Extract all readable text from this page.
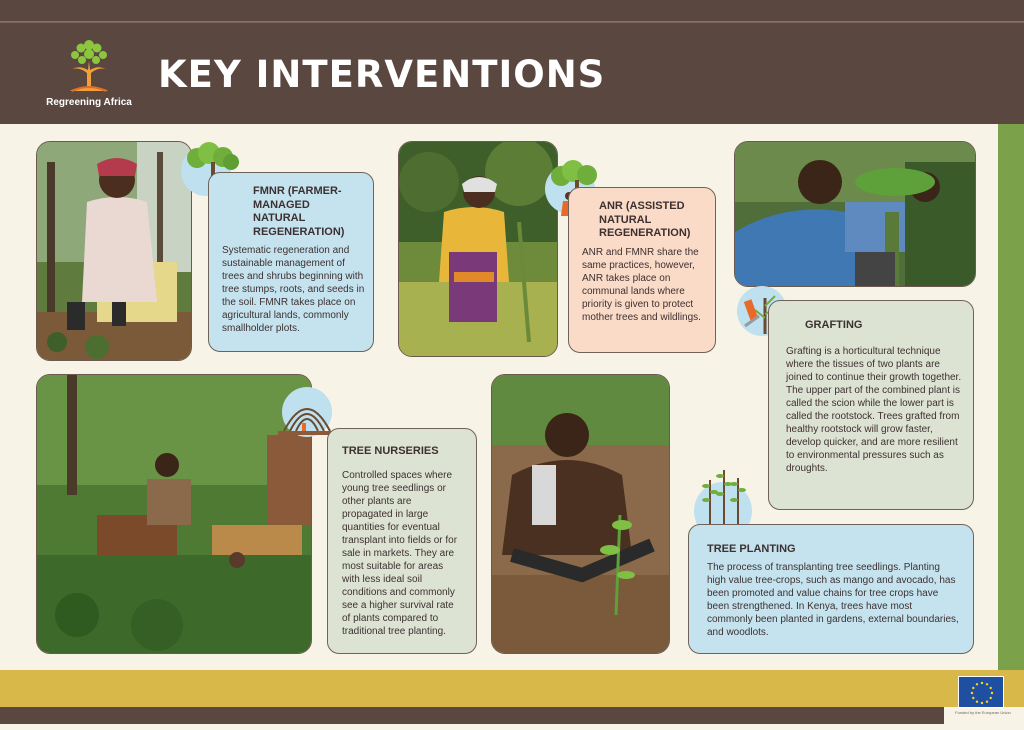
Regreening Africa
KEY INTERVENTIONS
FMNR (FARMER-MANAGED NATURAL REGENERATION)
Systematic regeneration and sustainable management of trees and shrubs beginning with tree stumps, roots, and seeds in the soil. FMNR takes place on agricultural lands, commonly smallholder plots.
ANR (ASSISTED NATURAL REGENERATION)
ANR and FMNR share the same practices, however, ANR takes place on communal lands where priority is given to protect mother trees and wildlings.
GRAFTING
Grafting is a horticultural technique where the tissues of two plants are joined to continue their growth together. The upper part of the combined plant is called the scion while the lower part is called the rootstock. Trees grafted from healthy rootstock will grow faster, develop quicker, and are more resilient to environmental pressures such as droughts.
TREE NURSERIES

Controlled spaces where young tree seedlings or other plants are propagated in large quantities for eventual transplant into fields or for sale in markets. They are most suitable for areas with less ideal soil conditions and commonly see a higher survival rate of plants compared to traditional tree planting.

TREE PLANTING

The process of transplanting tree seedlings. Planting high value tree-crops, such as mango and avocado, has been promoted and value chains for tree crops have been strengthened. In Kenya, trees have most commonly been planted in gardens, external boundaries, and woodlots.

Funded by the European Union
